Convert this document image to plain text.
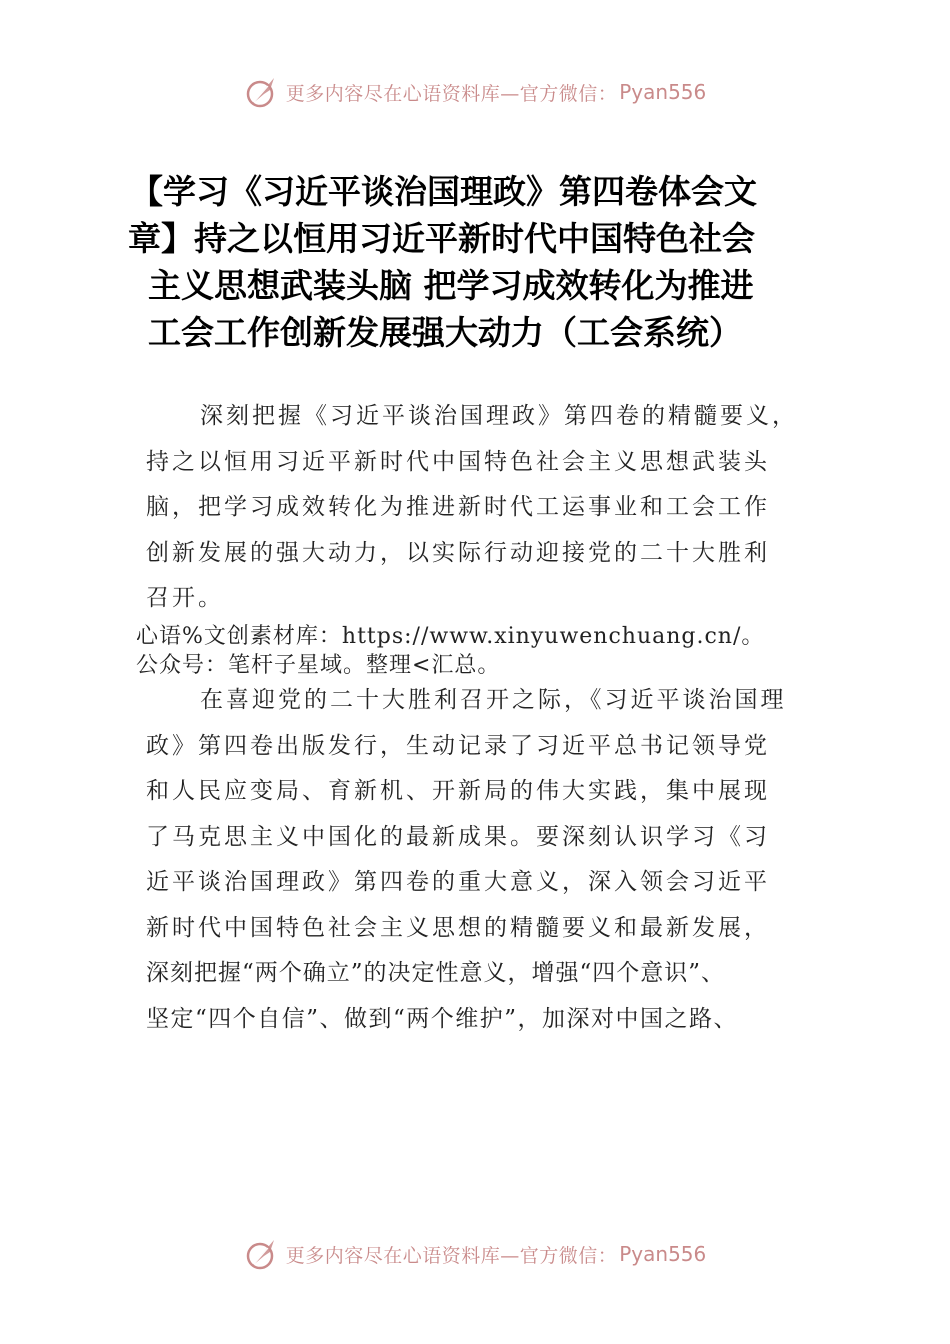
更多内容尽在心语资料库—官方微信： Pyan556
【学习《习近平谈治国理政》第四卷体会文
章】持之以恒用习近平新时代中国特色社会
主义思想武装头脑 把学习成效转化为推进
工会工作创新发展强大动力（工会系统）
深刻把握《习近平谈治国理政》第四卷的精髓要义，
持之以恒用习近平新时代中国特色社会主义思想武装头
脑，把学习成效转化为推进新时代工运事业和工会工作
创新发展的强大动力，以实际行动迎接党的二十大胜利
召开。
心语%文创素材库：https://www.xinyuwenchuang.cn/。
公众号：笔杆子星域。整理<汇总。
在喜迎党的二十大胜利召开之际，《习近平谈治国理
政》第四卷出版发行，生动记录了习近平总书记领导党
和人民应变局、育新机、开新局的伟大实践，集中展现
了马克思主义中国化的最新成果。要深刻认识学习《习
近平谈治国理政》第四卷的重大意义，深入领会习近平
新时代中国特色社会主义思想的精髓要义和最新发展，
深刻把握“两个确立”的决定性意义，增强“四个意识”、
坚定“四个自信”、做到“两个维护”，加深对中国之路、
更多内容尽在心语资料库—官方微信： Pyan556
